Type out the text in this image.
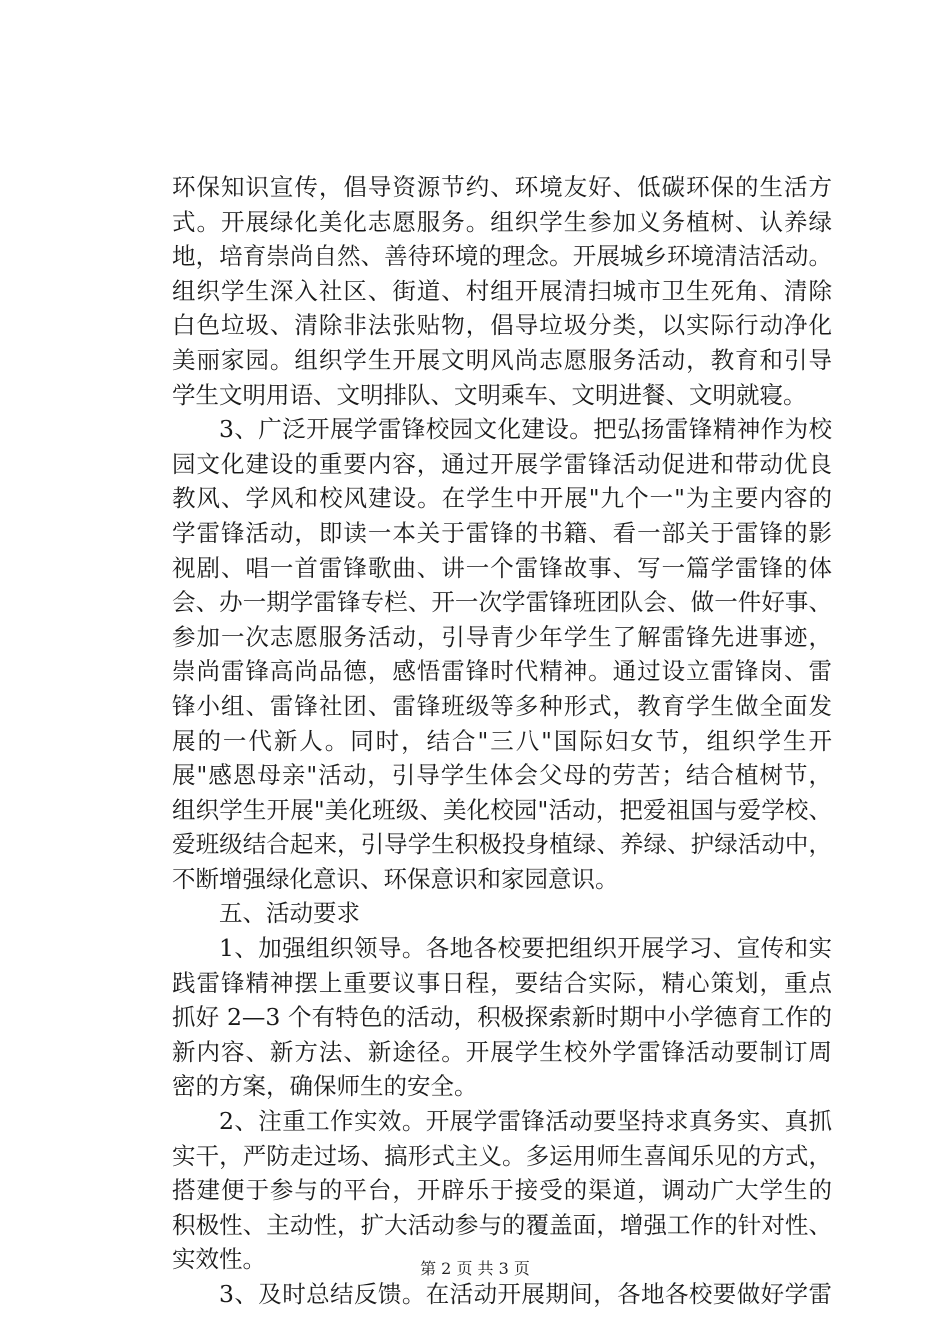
环保知识宣传，倡导资源节约、环境友好、低碳环保的生活方
式。开展绿化美化志愿服务。组织学生参加义务植树、认养绿
地，培育崇尚自然、善待环境的理念。开展城乡环境清洁活动。
组织学生深入社区、街道、村组开展清扫城市卫生死角、清除
白色垃圾、清除非法张贴物，倡导垃圾分类，以实际行动净化
美丽家园。组织学生开展文明风尚志愿服务活动，教育和引导
学生文明用语、文明排队、文明乘车、文明进餐、文明就寝。
3、广泛开展学雷锋校园文化建设。把弘扬雷锋精神作为校
园文化建设的重要内容，通过开展学雷锋活动促进和带动优良
教风、学风和校风建设。在学生中开展"九个一"为主要内容的
学雷锋活动，即读一本关于雷锋的书籍、看一部关于雷锋的影
视剧、唱一首雷锋歌曲、讲一个雷锋故事、写一篇学雷锋的体
会、办一期学雷锋专栏、开一次学雷锋班团队会、做一件好事、
参加一次志愿服务活动，引导青少年学生了解雷锋先进事迹，
崇尚雷锋高尚品德，感悟雷锋时代精神。通过设立雷锋岗、雷
锋小组、雷锋社团、雷锋班级等多种形式，教育学生做全面发
展的一代新人。同时，结合"三八"国际妇女节，组织学生开
展"感恩母亲"活动，引导学生体会父母的劳苦；结合植树节，
组织学生开展"美化班级、美化校园"活动，把爱祖国与爱学校、
爱班级结合起来，引导学生积极投身植绿、养绿、护绿活动中，
不断增强绿化意识、环保意识和家园意识。
五、活动要求
1、加强组织领导。各地各校要把组织开展学习、宣传和实
践雷锋精神摆上重要议事日程，要结合实际，精心策划，重点
抓好 2—3 个有特色的活动，积极探索新时期中小学德育工作的
新内容、新方法、新途径。开展学生校外学雷锋活动要制订周
密的方案，确保师生的安全。
2、注重工作实效。开展学雷锋活动要坚持求真务实、真抓
实干，严防走过场、搞形式主义。多运用师生喜闻乐见的方式，
搭建便于参与的平台，开辟乐于接受的渠道，调动广大学生的
积极性、主动性，扩大活动参与的覆盖面，增强工作的针对性、
实效性。
3、及时总结反馈。在活动开展期间，各地各校要做好学雷
第 2 页 共 3 页
